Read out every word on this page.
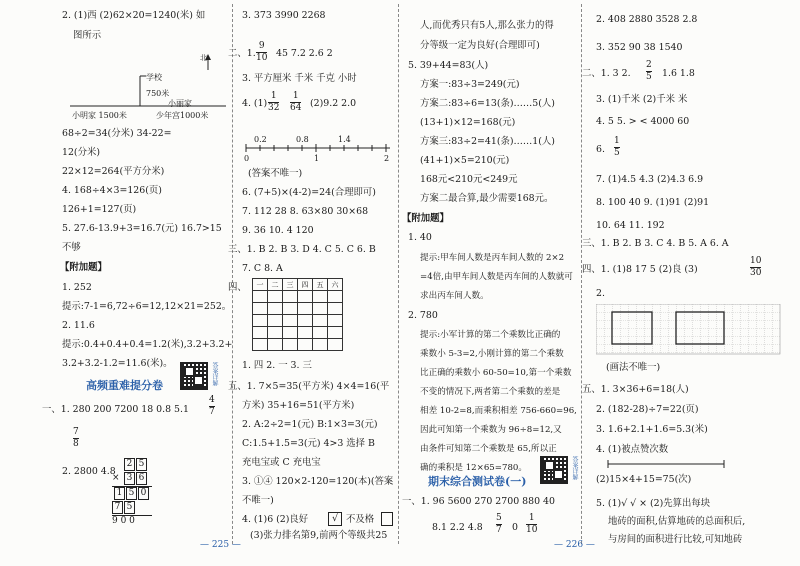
2. (1)西 (2)62×20=1240(米) 如
图所示
北
学校
750米
小丽家
小明家 1500米	少年宫1000米
68÷2=34(分米) 34-22=
12(分米)
22×12=264(平方分米)
4. 168÷4×3=126(页)
126+1=127(页)
5. 27.6-13.9+3=16.7(元) 16.7>15
不够
【附加题】
1. 252
提示:7-1=6,72÷6=12,12×21=252。
2. 11.6
提示:0.4+0.4+0.4=1.2(米),3.2+3.2+
3.2+3.2-1.2=11.6(米)。
高频重难提分卷	答案详解
一、1. 280 200 7200 18 0.8 5.1
4
7
7
8
2. 2800 4.8
2 5
× 3 6
1 5 0
7 5
9 0 0
— 225 —
3. 373 3990 2268
二、1.
9
10 45 7.2 2.6 2
3. 平方厘米 千米 千克 小时
4. (1)
1
32
1
64 (2)9.2 2.0
0.2	0.8	1.4
0	1	2
(答案不唯一)
6. (7+5)×(4-2)=24(合理即可)
7. 112 28 8. 63×80 30×68
9. 36 10. 4 120
三、1. B 2. B 3. D 4. C 5. C 6. B
7. C 8. A
四、 一	二	三	四	五	六

1. 四 2. 一 3. 三
五、1. 7×5=35(平方米) 4×4=16(平
方米) 35+16=51(平方米)
2. A:2÷2=1(元) B:1×3=3(元)
C:1.5+1.5=3(元) 4>3 选择 B
充电宝或 C 充电宝
3. ①④ 120×2-120=120(本)(答案
不唯一)
4. (1)6 (2)良好	√ 不及格
(3)张力排名第9,前两个等级共25
人,而优秀只有5人,那么张力的得
分等级一定为良好(合理即可)
5. 39+44=83(人)
方案一:83÷3=249(元)
方案二:83÷6=13(条)……5(人)
(13+1)×12=168(元)
方案三:83÷2=41(条)……1(人)
(41+1)×5=210(元)
168元<210元<249元
方案二最合算,最少需要168元。
【附加题】
1. 40
提示:甲车间人数是丙车间人数的 2×2
=4倍,由甲车间人数是丙车间的人数就可
求出丙车间人数。
2. 780
提示:小军计算的第二个乘数比正确的
乘数小 5-3=2,小刚计算的第二个乘数
比正确的乘数小 60-50=10,第一个乘数
不变的情况下,两者第二个乘数的差是
相差 10-2=8,而乘积相差 756-660=96,
因此可知第一个乘数为 96÷8=12,又
由条件可知第二个乘数是 65,所以正
确的乘积是 12×65=780。
期末综合测试卷(一)
答案详解
一、1. 96 5600 270 2700 880 40
8.1 2.2 4.8
5
7 0
1
10
— 226 —
2. 408 2880 3528 2.8
3. 352 90 38 1540
二、1. 3 2.
2
5 1.6 1.8
3. (1)千米 (2)千米 米
4. 5 5. > < 4000 60
6.
1
5
7. (1)4.5 4.3 (2)4.3 6.9
8. 100 40 9. (1)91 (2)91
10. 64 11. 192
三、1. B 2. B 3. C 4. B 5. A 6. A
四、1. (1)8 17 5 (2)良 (3)
10
30
2.
(画法不唯一)
五、1. 3×36+6=18(人)
2. (182-28)÷7=22(页)
3. 1.6+2.1+1.6=5.3(米)
4. (1)被点赞次数
(2)15×4+15=75(次)
5. (1)√ √ × (2)先算出每块
地砖的面积,估算地砖的总面积后,
与房间的面积进行比较,可知地砖
